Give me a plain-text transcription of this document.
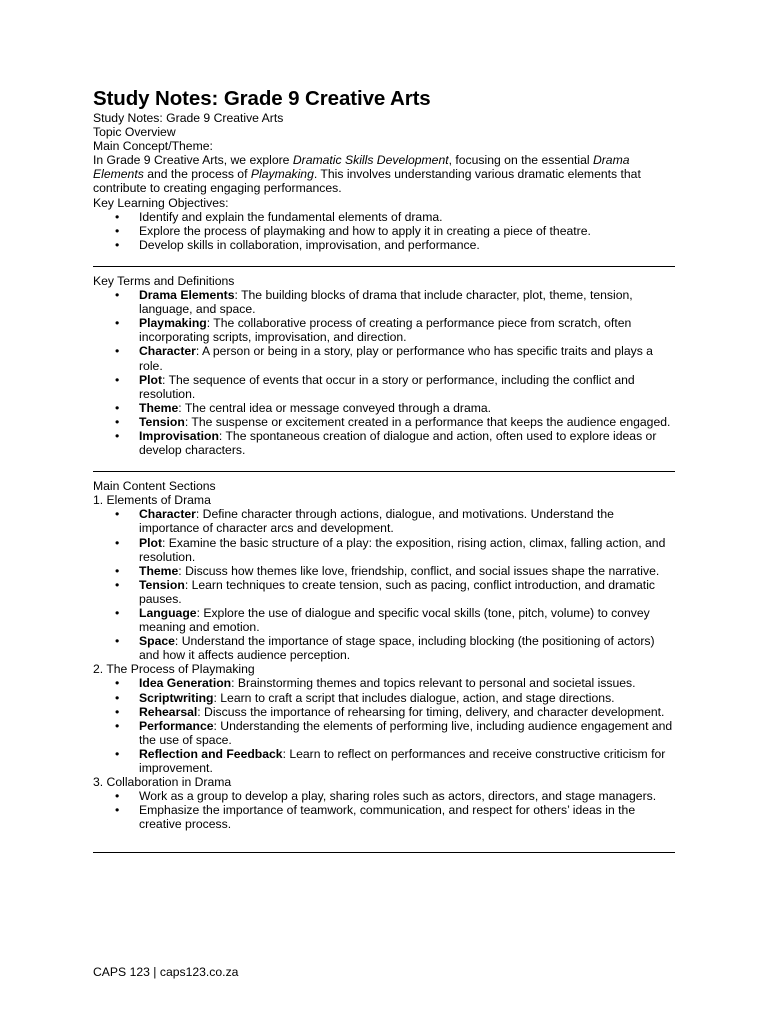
Study Notes: Grade 9 Creative Arts

Study Notes: Grade 9 Creative Arts

Topic Overview

Main Concept/Theme:

In Grade 9 Creative Arts, we explore Dramatic Skills Development, focusing on the essential Drama Elements and the process of Playmaking. This involves understanding various dramatic elements that contribute to creating engaging performances.

Key Learning Objectives:

• Identify and explain the fundamental elements of drama.
• Explore the process of playmaking and how to apply it in creating a piece of theatre.
• Develop skills in collaboration, improvisation, and performance.

Key Terms and Definitions

• Drama Elements: The building blocks of drama that include character, plot, theme, tension, language, and space.
• Playmaking: The collaborative process of creating a performance piece from scratch, often incorporating scripts, improvisation, and direction.
• Character: A person or being in a story, play or performance who has specific traits and plays a role.
• Plot: The sequence of events that occur in a story or performance, including the conflict and resolution.
• Theme: The central idea or message conveyed through a drama.
• Tension: The suspense or excitement created in a performance that keeps the audience engaged.
• Improvisation: The spontaneous creation of dialogue and action, often used to explore ideas or develop characters.

Main Content Sections

1. Elements of Drama

• Character: Define character through actions, dialogue, and motivations. Understand the importance of character arcs and development.
• Plot: Examine the basic structure of a play: the exposition, rising action, climax, falling action, and resolution.
• Theme: Discuss how themes like love, friendship, conflict, and social issues shape the narrative.
• Tension: Learn techniques to create tension, such as pacing, conflict introduction, and dramatic pauses.
• Language: Explore the use of dialogue and specific vocal skills (tone, pitch, volume) to convey meaning and emotion.
• Space: Understand the importance of stage space, including blocking (the positioning of actors) and how it affects audience perception.

2. The Process of Playmaking

• Idea Generation: Brainstorming themes and topics relevant to personal and societal issues.
• Scriptwriting: Learn to craft a script that includes dialogue, action, and stage directions.
• Rehearsal: Discuss the importance of rehearsing for timing, delivery, and character development.
• Performance: Understanding the elements of performing live, including audience engagement and the use of space.
• Reflection and Feedback: Learn to reflect on performances and receive constructive criticism for improvement.

3. Collaboration in Drama

• Work as a group to develop a play, sharing roles such as actors, directors, and stage managers.
• Emphasize the importance of teamwork, communication, and respect for others’ ideas in the creative process.
CAPS 123 | caps123.co.za
